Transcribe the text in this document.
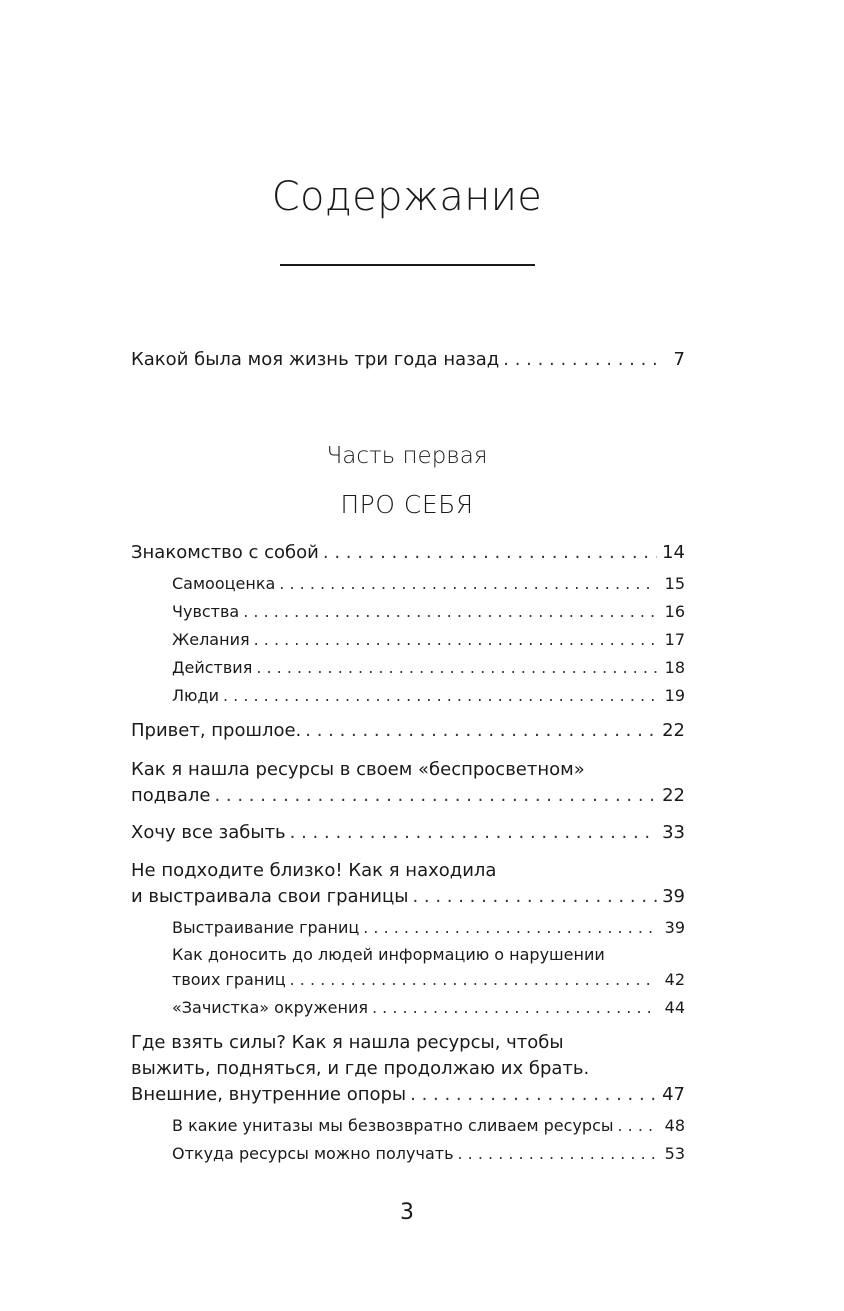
Содержание
Какой была моя жизнь три года назад . . .	7
Часть первая
ПРО СЕБЯ
Знакомство с собой . . .	14
Самооценка . . .	15
Чувства . . .	16
Желания . . .	17
Действия . . .	18
Люди . . .	19
Привет, прошлое. . . .	22
Как я нашла ресурсы в своем «беспросветном»
подвале . . .	22
Хочу все забыть . . .	33
Не подходите близко! Как я находила
и выстраивала свои границы . . .	39
Выстраивание границ . . .	39
Как доносить до людей информацию о нарушении
твоих границ . . .	42
«Зачистка» окружения . . .	44
Где взять силы? Как я нашла ресурсы, чтобы
выжить, подняться, и где продолжаю их брать.
Внешние, внутренние опоры . . .	47
В какие унитазы мы безвозвратно сливаем ресурсы . . .	48
Откуда ресурсы можно получать . . .	53
3
